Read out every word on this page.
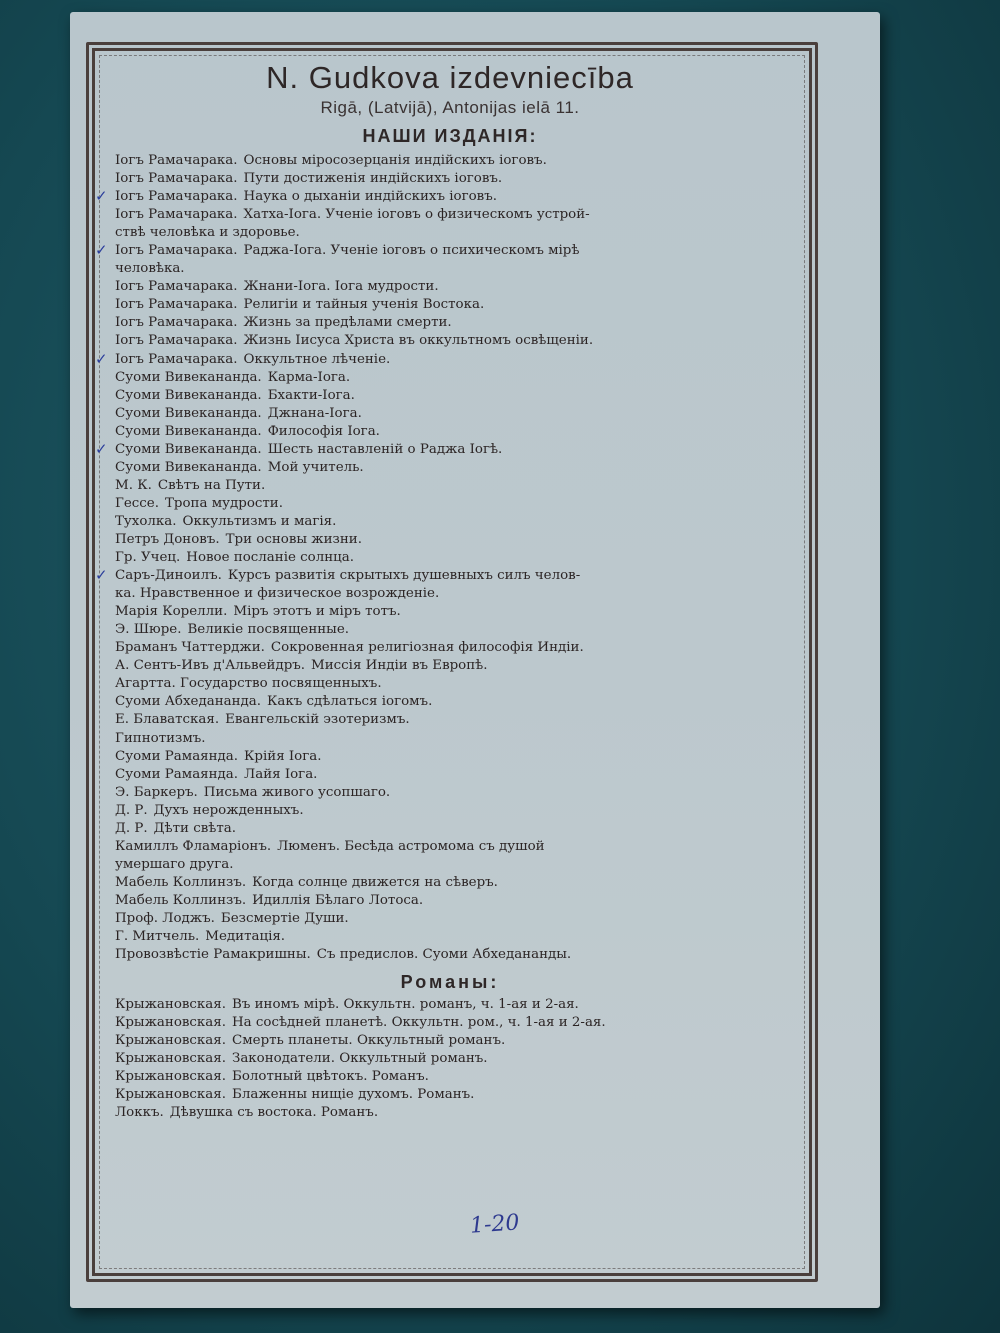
N. Gudkova izdevniecība
Rigā, (Latvijā), Antonijas ielā 11.
НАШИ ИЗДАНІЯ:
Іогъ Рамачарака. Основы міросозерцанія индійскихъ іоговъ.
Іогъ Рамачарака. Пути достиженія индійскихъ іоговъ.
✓ Іогъ Рамачарака. Наука о дыханіи индійскихъ іоговъ.
Іогъ Рамачарака. Хатха-Іога. Ученіе іоговъ о физическомъ устрой-
ствѣ человѣка и здоровье.
✓ Іогъ Рамачарака. Раджа-Іога. Ученіе іоговъ о психическомъ мірѣ
человѣка.
Іогъ Рамачарака. Жнани-Іога. Іога мудрости.
Іогъ Рамачарака. Религіи и тайныя ученія Востока.
Іогъ Рамачарака. Жизнь за предѣлами смерти.
Іогъ Рамачарака. Жизнь Іисуса Христа въ оккультномъ освѣщеніи.
✓ Іогъ Рамачарака. Оккультное лѣченіе.
Суоми Вивекананда. Карма-Іога.
Суоми Вивекананда. Бхакти-Іога.
Суоми Вивекананда. Джнана-Іога.
Суоми Вивекананда. Философія Іога.
✓ Суоми Вивекананда. Шесть наставленій о Раджа Іогѣ.
Суоми Вивекананда. Мой учитель.
М. К. Свѣтъ на Пути.
Гессе. Тропа мудрости.
Тухолка. Оккультизмъ и магія.
Петръ Доновъ. Три основы жизни.
Гр. Учец. Новое посланіе солнца.
✓ Саръ-Диноилъ. Курсъ развитія скрытыхъ душевныхъ силъ челов-
ка. Нравственное и физическое возрожденіе.
Марія Корелли. Міръ этотъ и міръ тотъ.
Э. Шюре. Великіе посвященные.
Браманъ Чаттерджи. Сокровенная религіозная философія Индіи.
А. Сентъ-Ивъ д'Альвейдръ. Миссія Индіи въ Европѣ.
Агартта. Государство посвященныхъ.
Суоми Абхедананда. Какъ сдѣлаться іогомъ.
Е. Блаватская. Евангельскій эзотеризмъ.
Гипнотизмъ.
Суоми Рамаянда. Крійя Іога.
Суоми Рамаянда. Лайя Іога.
Э. Баркеръ. Письма живого усопшаго.
Д. Р. Духъ нерожденныхъ.
Д. Р. Дѣти свѣта.
Камиллъ Фламаріонъ. Люменъ. Бесѣда астромома съ душой
умершаго друга.
Мабель Коллинзъ. Когда солнце движется на сѣверъ.
Мабель Коллинзъ. Идиллія Бѣлаго Лотоса.
Проф. Лоджъ. Безсмертіе Души.
Г. Митчель. Медитація.
Провозвѣстіе Рамакришны. Съ предислов. Суоми Абхедананды.
Романы:
Крыжановская. Въ иномъ мірѣ. Оккультн. романъ, ч. 1-ая и 2-ая.
Крыжановская. На сосѣдней планетѣ. Оккультн. ром., ч. 1-ая и 2-ая.
Крыжановская. Смерть планеты. Оккультный романъ.
Крыжановская. Законодатели. Оккультный романъ.
Крыжановская. Болотный цвѣтокъ. Романъ.
Крыжановская. Блаженны нищіе духомъ. Романъ.
Локкъ. Дѣвушка съ востока. Романъ.
1-20
